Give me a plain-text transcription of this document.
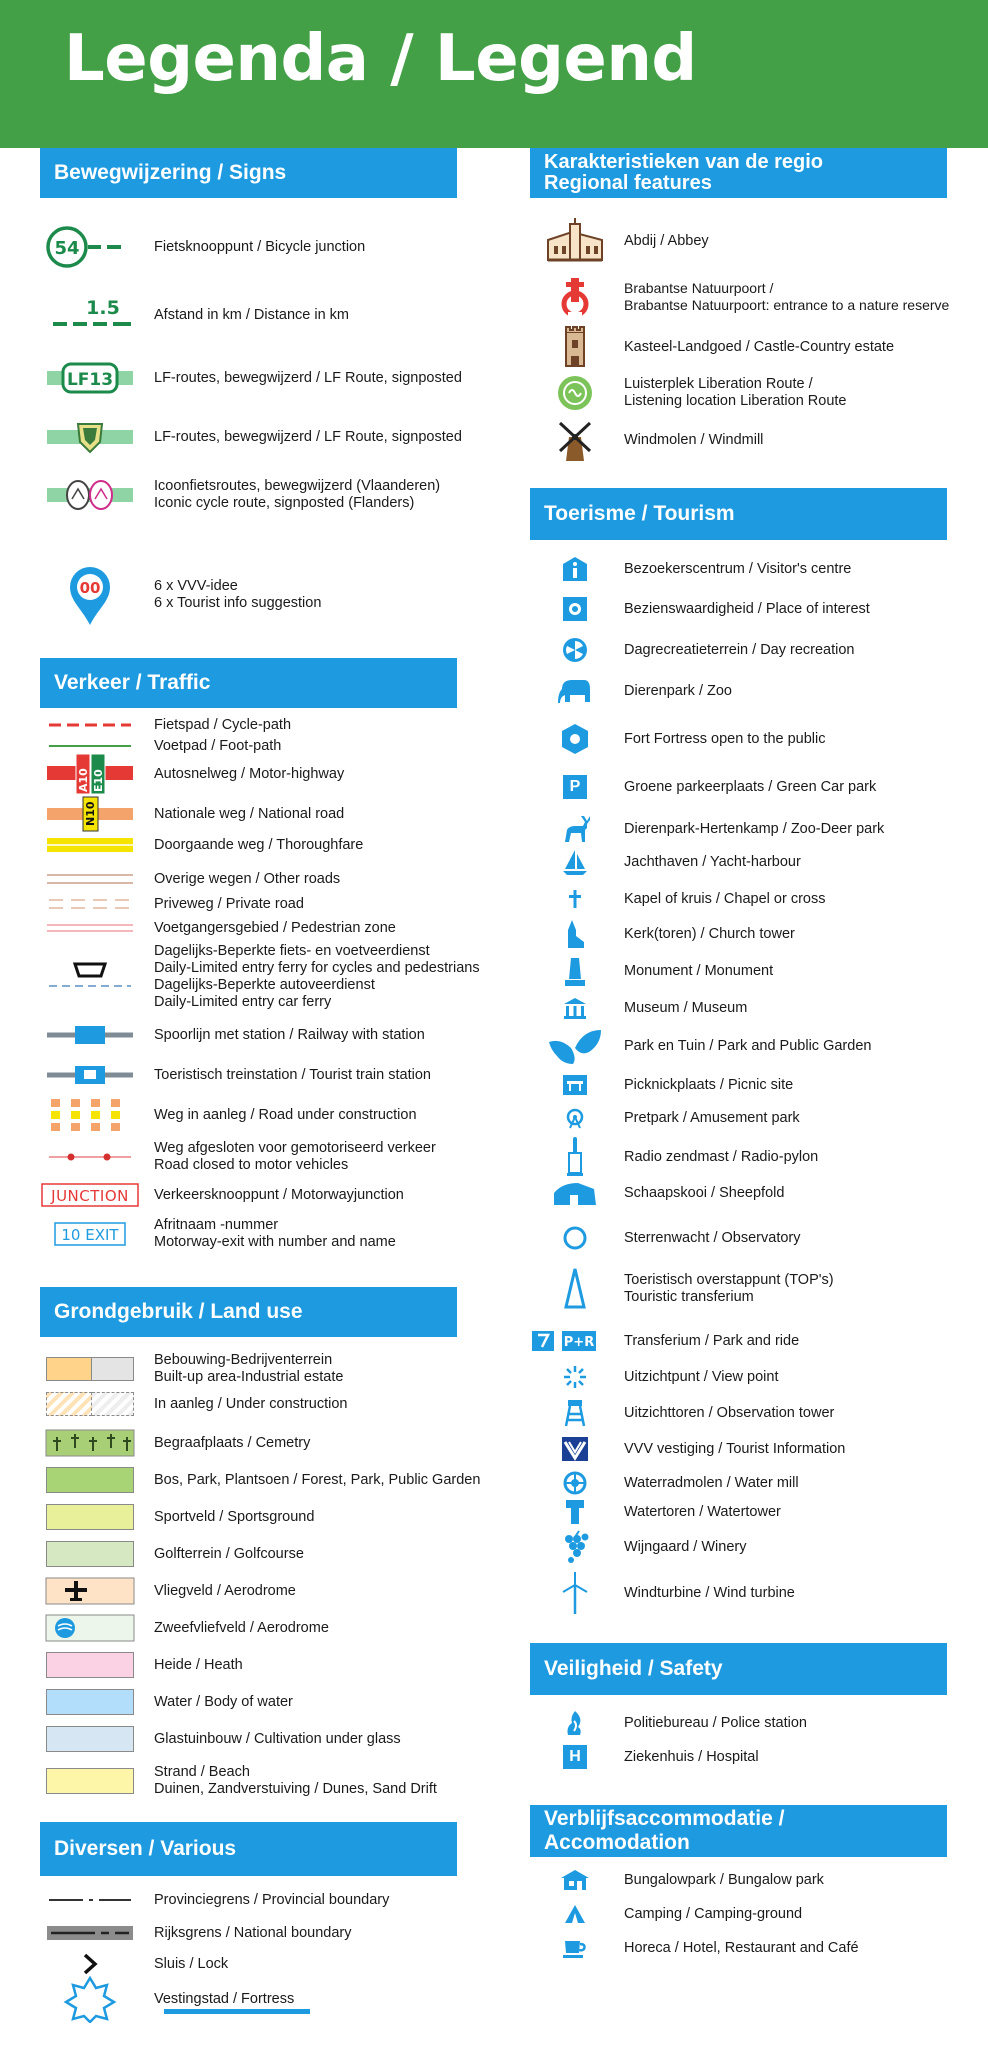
Legenda / Legend
Bewegwijzering / Signs
54	Fietsknooppunt / Bicycle junction
1.5	Afstand in km / Distance in km
LF13	LF-routes, bewegwijzerd / LF Route, signposted
LF-routes, bewegwijzerd / LF Route, signposted
Icoonfietsroutes, bewegwijzerd (Vlaanderen)
Iconic cycle route, signposted (Flanders)
00	6 x VVV-idee
6 x Tourist info suggestion
Verkeer / Traffic
Fietspad / Cycle-path
Voetpad / Foot-path
A10 E10	Autosnelweg / Motor-highway
N10	Nationale weg / National road
Doorgaande weg / Thoroughfare
Overige wegen / Other roads
Priveweg / Private road
Voetgangersgebied / Pedestrian zone
Dagelijks-Beperkte fiets- en voetveerdienst
Daily-Limited entry ferry for cycles and pedestrians
Dagelijks-Beperkte autoveerdienst
Daily-Limited entry car ferry
Spoorlijn met station / Railway with station
Toeristisch treinstation / Tourist train station
Weg in aanleg / Road under construction
Weg afgesloten voor gemotoriseerd verkeer
Road closed to motor vehicles
JUNCTION	Verkeersknooppunt / Motorwayjunction
10 EXIT
Afritnaam -nummer
Motorway-exit with number and name
Grondgebruik / Land use
Bebouwing-Bedrijventerrein
Built-up area-Industrial estate
In aanleg / Under construction
Begraafplaats / Cemetry
Bos, Park, Plantsoen / Forest, Park, Public Garden
Sportveld / Sportsground
Golfterrein / Golfcourse
Vliegveld / Aerodrome
Zweefvliefveld / Aerodrome
Heide / Heath
Water / Body of water
Glastuinbouw / Cultivation under glass
Strand / Beach
Duinen, Zandverstuiving / Dunes, Sand Drift
Diversen / Various
Provinciegrens / Provincial boundary
Rijksgrens / National boundary
Sluis / Lock
Vestingstad / Fortress
Karakteristieken van de regio
Regional features
Abdij / Abbey
Brabantse Natuurpoort /
Brabantse Natuurpoort: entrance to a nature reserve
Kasteel-Landgoed / Castle-Country estate
Luisterplek Liberation Route /
Listening location Liberation Route
Windmolen / Windmill
Toerisme / Tourism
Bezoekerscentrum / Visitor's centre
Bezienswaardigheid / Place of interest
Dagrecreatieterrein / Day recreation
Dierenpark / Zoo
Fort Fortress open to the public
P	Groene parkeerplaats / Green Car park
Dierenpark-Hertenkamp / Zoo-Deer park
Jachthaven / Yacht-harbour
Kapel of kruis / Chapel or cross
Kerk(toren) / Church tower
Monument / Monument
Museum / Museum
Park en Tuin / Park and Public Garden
Picknickplaats / Picnic site
Pretpark / Amusement park
Radio zendmast / Radio-pylon
Schaapskooi / Sheepfold
Sterrenwacht / Observatory
Toeristisch overstappunt (TOP's)
Touristic transferium
P+R Transferium / Park and ride
Uitzichtpunt / View point
Uitzichttoren / Observation tower
VVV vestiging / Tourist Information
Waterradmolen / Water mill
Watertoren / Watertower
Wijngaard / Winery
Windturbine / Wind turbine
Veiligheid / Safety
Politiebureau / Police station
H	Ziekenhuis / Hospital
Verblijfsaccommodatie / Accomodation
Bungalowpark / Bungalow park
Camping / Camping-ground
Horeca / Hotel, Restaurant and Café
